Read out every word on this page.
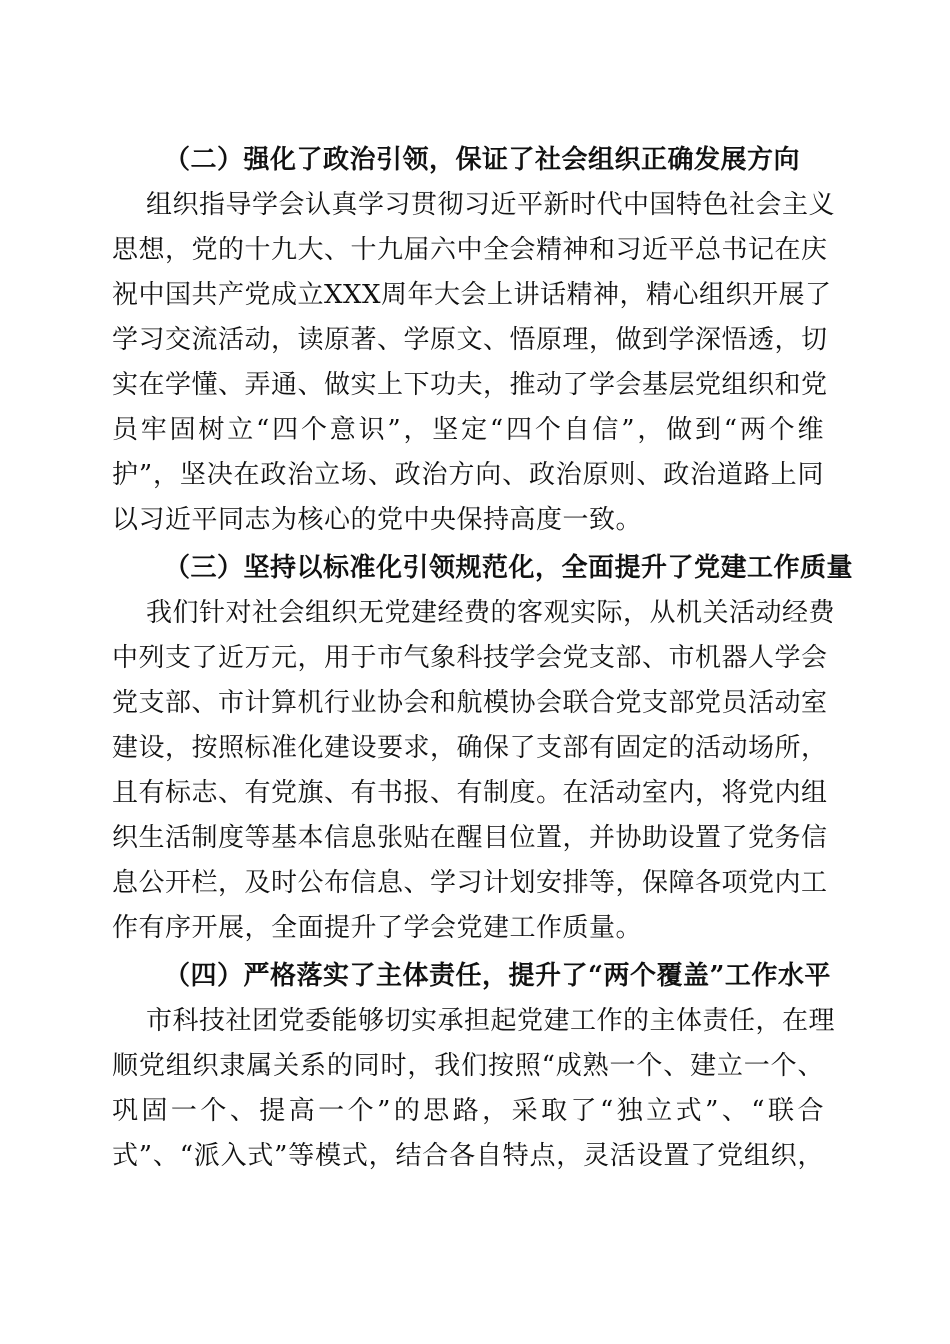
（二）强化了政治引领，保证了社会组织正确发展方向

组织指导学会认真学习贯彻习近平新时代中国特色社会主义
思想，党的十九大、十九届六中全会精神和习近平总书记在庆
祝中国共产党成立XXX周年大会上讲话精神，精心组织开展了
学习交流活动，读原著、学原文、悟原理，做到学深悟透，切
实在学懂、弄通、做实上下功夫，推动了学会基层党组织和党
员牢固树立“四个意识”，坚定“四个自信”，做到“两个维
护”，坚决在政治立场、政治方向、政治原则、政治道路上同
以习近平同志为核心的党中央保持高度一致。

（三）坚持以标准化引领规范化，全面提升了党建工作质量

我们针对社会组织无党建经费的客观实际，从机关活动经费
中列支了近万元，用于市气象科技学会党支部、市机器人学会
党支部、市计算机行业协会和航模协会联合党支部党员活动室
建设，按照标准化建设要求，确保了支部有固定的活动场所，
且有标志、有党旗、有书报、有制度。在活动室内，将党内组
织生活制度等基本信息张贴在醒目位置，并协助设置了党务信
息公开栏，及时公布信息、学习计划安排等，保障各项党内工
作有序开展，全面提升了学会党建工作质量。

（四）严格落实了主体责任，提升了“两个覆盖”工作水平

市科技社团党委能够切实承担起党建工作的主体责任，在理
顺党组织隶属关系的同时，我们按照“成熟一个、建立一个、
巩固一个、提高一个”的思路，采取了“独立式”、“联合
式”、“派入式”等模式，结合各自特点，灵活设置了党组织，
